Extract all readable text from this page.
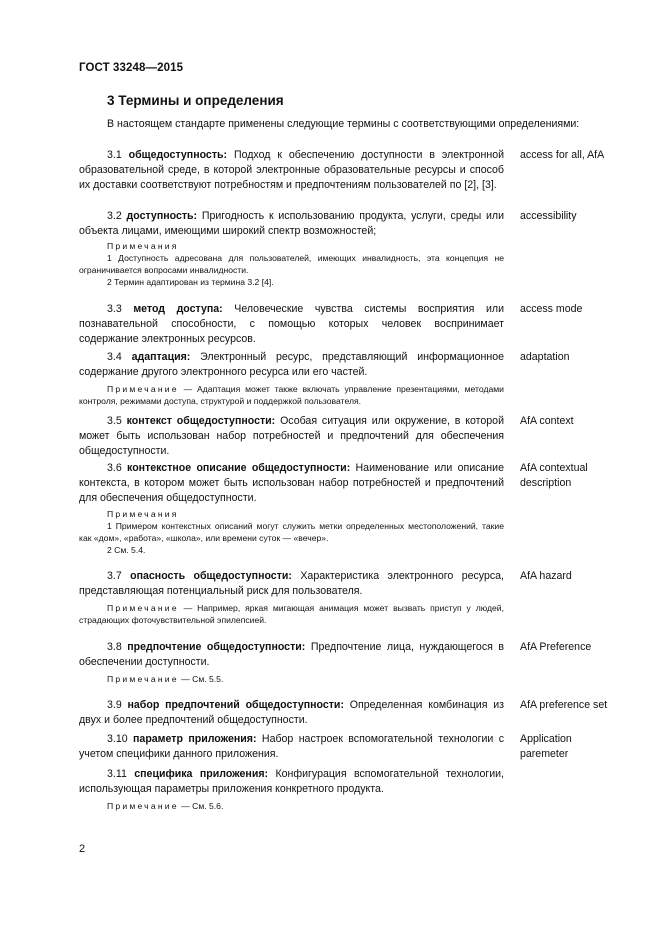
ГОСТ 33248—2015
3 Термины и определения
В настоящем стандарте применены следующие термины с соответствующими определениями:
3.1 общедоступность: Подход к обеспечению доступности в электронной образовательной среде, в которой электронные образовательные ресурсы и способ их доставки соответствуют потребностям и предпочтениям пользователей по [2], [3].
access for all, AfA
3.2 доступность: Пригодность к использованию продукта, услуги, среды или объекта лицами, имеющими широкий спектр возможностей;
accessibility
Примечания
1 Доступность адресована для пользователей, имеющих инвалидность, эта концепция не ограничивается вопросами инвалидности.
2 Термин адаптирован из термина 3.2 [4].
3.3 метод доступа: Человеческие чувства системы восприятия или познавательной способности, с помощью которых человек воспринимает содержание электронных ресурсов.
access mode
3.4 адаптация: Электронный ресурс, представляющий информационное содержание другого электронного ресурса или его частей.
adaptation
Примечание — Адаптация может также включать управление презентациями, методами контроля, режимами доступа, структурой и поддержкой пользователя.
3.5 контекст общедоступности: Особая ситуация или окружение, в которой может быть использован набор потребностей и предпочтений для обеспечения общедоступности.
AfA context
3.6 контекстное описание общедоступности: Наименование или описание контекста, в котором может быть использован набор потребностей и предпочтений для обеспечения общедоступности.
AfA contextual description
Примечания
1 Примером контекстных описаний могут служить метки определенных местоположений, такие как «дом», «работа», «школа», или времени суток — «вечер».
2 См. 5.4.
3.7 опасность общедоступности: Характеристика электронного ресурса, представляющая потенциальный риск для пользователя.
AfA hazard
Примечание — Например, яркая мигающая анимация может вызвать приступ у людей, страдающих фоточувствительной эпилепсией.
3.8 предпочтение общедоступности: Предпочтение лица, нуждающегося в обеспечении доступности.
AfA Preference
Примечание — См. 5.5.
3.9 набор предпочтений общедоступности: Определенная комбинация из двух и более предпочтений общедоступности.
AfA preference set
3.10 параметр приложения: Набор настроек вспомогательной технологии с учетом специфики данного приложения.
Application paremeter
3.11 специфика приложения: Конфигурация вспомогательной технологии, использующая параметры приложения конкретного продукта.
Примечание — См. 5.6.
2
